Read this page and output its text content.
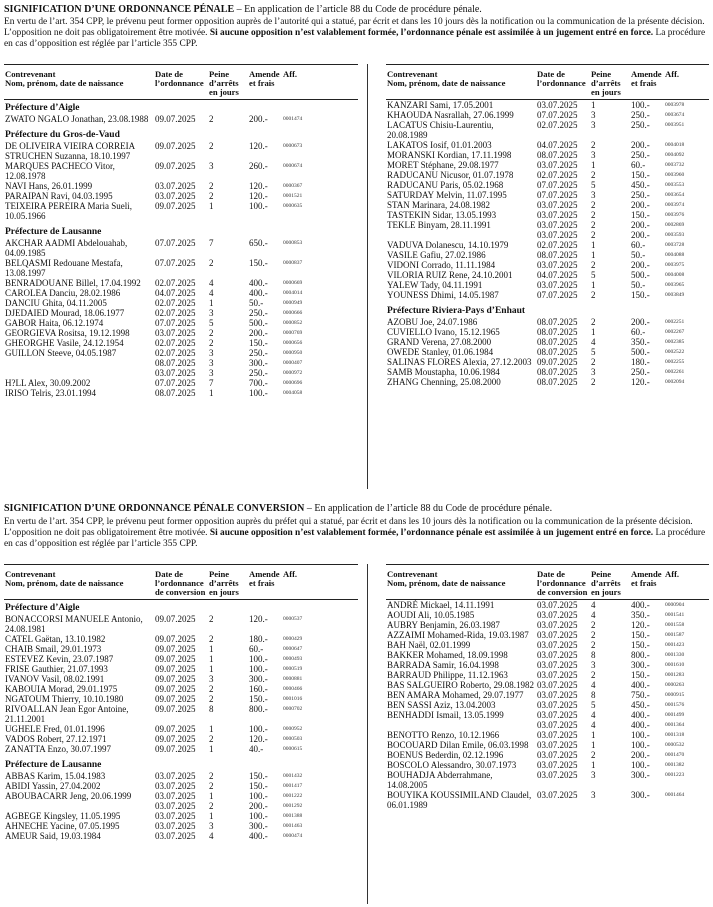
SIGNIFICATION D’UNE ORDONNANCE PÉNALE – En application de l’article 88 du Code de procédure pénale.
En vertu de l’art. 354 CPP, le prévenu peut former opposition auprès de l’autorité qui a statué, par écrit et dans les 10 jours dès la notification ou la communication de la présente décision. L’opposition ne doit pas obligatoirement être motivée. Si aucune opposition n’est valablement formée, l’ordonnance pénale est assimilée à un jugement entré en force. La procédure en cas d’opposition est réglée par l’article 355 CPP.
Contrevenant
Nom, prénom, date de naissance	Date de
l’ordonnance	Peine
d’arrêts
en jours	Amende
et frais	Aff.
Préfecture d’Aigle				
ZWATO NGALO Jonathan, 23.08.1988	09.07.2025	2	200.-	0001474
Préfecture du Gros-de-Vaud				
DE OLIVEIRA VIEIRA CORREIA STRUCHEN Suzanna, 18.10.1997	09.07.2025	2	120.-	0000673
MARQUES PACHECO Vitor, 12.08.1978	09.07.2025	3	260.-	0000674
NAVI Hans, 26.01.1999	03.07.2025	2	120.-	0000367
PARAIPAN Ravi, 04.03.1995	03.07.2025	2	120.-	0001521
TEIXEIRA PEREIRA Maria Sueli, 10.05.1966	09.07.2025	1	100.-	0000635
Préfecture de Lausanne				
AKCHAR AADMI Abdelouahab, 04.09.1985	07.07.2025	7	650.-	0000853
BELQASMI Redouane Mestafa, 13.08.1997	07.07.2025	2	150.-	0000837
BENRADOUANE Billel, 17.04.1992	02.07.2025	4	400.-	0000669
CAROLEA Danciu, 28.02.1986	04.07.2025	4	400.-	0004014
DANCIU Ghita, 04.11.2005	02.07.2025	1	50.-	0000949
DJEDAIED Mourad, 18.06.1977	02.07.2025	3	250.-	0000666
GABOR Haita, 06.12.1974	07.07.2025	5	500.-	0000852
GEORGIEVA Rositsa, 19.12.1998	03.07.2025	2	200.-	0000769
GHEORGHE Vasile, 24.12.1954	02.07.2025	2	150.-	0000656
GUILLON Steeve, 04.05.1987	02.07.2025	3	250.-	0000950
	08.07.2025	3	300.-	0000407
	03.07.2025	3	250.-	0000972
H?LL Alex, 30.09.2002	07.07.2025	7	700.-	0000696
IRISO Telris, 23.01.1994	08.07.2025	1	100.-	0004058
Contrevenant
Nom, prénom, date de naissance	Date de
l’ordonnance	Peine
d’arrêts
en jours	Amende
et frais	Aff.
KANZARI Sami, 17.05.2001	03.07.2025	1	100.-	0003978
KHAOUDA Nasrallah, 27.06.1999	07.07.2025	3	250.-	0003674
LACATUS Chisiu-Laurentiu, 20.08.1989	02.07.2025	3	250.-	0003951
LAKATOS Iosif, 01.01.2003	04.07.2025	2	200.-	0004018
MORANSKI Kordian, 17.11.1998	08.07.2025	3	250.-	0004092
MORET Stéphane, 29.08.1977	03.07.2025	1	60.-	0003732
RADUCANU Nicusor, 01.07.1978	02.07.2025	2	150.-	0003960
RADUCANU Paris, 05.02.1968	07.07.2025	5	450.-	0003553
SATURDAY Melvin, 11.07.1995	07.07.2025	3	250.-	0003654
STAN Marinara, 24.08.1982	03.07.2025	2	200.-	0003974
TASTEKIN Sidar, 13.05.1993	03.07.2025	2	150.-	0003976
TEKLE Binyam, 28.11.1991	03.07.2025	2	200.-	0002869
	03.07.2025	2	200.-	0003593
VADUVA Dolanescu, 14.10.1979	02.07.2025	1	60.-	0003728
VASILE Gafiu, 27.02.1986	08.07.2025	1	50.-	0004088
VIDONI Corrado, 11.11.1984	03.07.2025	2	200.-	0003975
VILORIA RUIZ Rene, 24.10.2001	04.07.2025	5	500.-	0004008
YALEW Tady, 04.11.1991	03.07.2025	1	50.-	0003965
YOUNESS Dhimi, 14.05.1987	07.07.2025	2	150.-	0003849
Préfecture Riviera-Pays d’Enhaut				
AZOBU Joe, 24.07.1986	08.07.2025	2	200.-	0002251
CUVIELLO Ivano, 15.12.1965	08.07.2025	1	60.-	0002267
GRAND Verena, 27.08.2000	08.07.2025	4	350.-	0002385
OWEDE Stanley, 01.06.1984	08.07.2025	5	500.-	0002522
SALINAS FLORES Alexia, 27.12.2003	09.07.2025	2	180.-	0002255
SAMB Moustapha, 10.06.1984	08.07.2025	3	250.-	0002261
ZHANG Chenning, 25.08.2000	08.07.2025	2	120.-	0002094
SIGNIFICATION D’UNE ORDONNANCE PÉNALE CONVERSION – En application de l’article 88 du Code de procédure pénale.
En vertu de l’art. 354 CPP, le prévenu peut former opposition auprès du préfet qui a statué, par écrit et dans les 10 jours dès la notification ou la communication de la présente décision. L’opposition ne doit pas obligatoirement être motivée. Si aucune opposition n’est valablement formée, l’ordonnance pénale est assimilée à un jugement entré en force. La procédure en cas d’opposition est réglée par l’article 355 CPP.
Contrevenant
Nom, prénom, date de naissance	Date de
l’ordonnance
de conversion	Peine
d’arrêts
en jours	Amende
et frais	Aff.
Préfecture d’Aigle				
BONACCORSI MANUELE Antonio, 24.08.1981	09.07.2025	2	120.-	0000537
CATEL Gaëtan, 13.10.1982	09.07.2025	2	180.-	0000429
CHAIB Smail, 29.01.1973	09.07.2025	1	60.-	0000647
ESTEVEZ Kevin, 23.07.1987	09.07.2025	1	100.-	0000493
FRISE Gauthier, 21.07.1993	09.07.2025	1	100.-	0000519
IVANOV Vasil, 08.02.1991	09.07.2025	3	300.-	0000881
KABOUIA Morad, 29.01.1975	09.07.2025	2	160.-	0000466
NGATOUM Thierry, 10.10.1980	09.07.2025	2	150.-	0001016
RIVOALLAN Jean Egor Antoine, 21.11.2001	09.07.2025	8	800.-	0000702
UGHELE Fred, 01.01.1996	09.07.2025	1	100.-	0000952
VADOS Robert, 27.12.1971	09.07.2025	2	120.-	0000503
ZANATTA Enzo, 30.07.1997	09.07.2025	1	40.-	0000615
Préfecture de Lausanne				
ABBAS Karim, 15.04.1983	03.07.2025	2	150.-	0001432
ABIDI Yassin, 27.04.2002	03.07.2025	2	150.-	0001417
ABOUBACARR Jeng, 20.06.1999	03.07.2025	1	100.-	0001222
	03.07.2025	2	200.-	0001292
AGBEGE Kingsley, 11.05.1995	03.07.2025	1	100.-	0001388
AHNECHE Yacine, 07.05.1995	03.07.2025	3	300.-	0001463
AMEUR Said, 19.03.1984	03.07.2025	4	400.-	0000474
Contrevenant
Nom, prénom, date de naissance	Date de
l’ordonnance
de conversion	Peine
d’arrêts
en jours	Amende
et frais	Aff.
ANDRÉ Mickael, 14.11.1991	03.07.2025	4	400.-	0000904
AOUDI Ali, 10.05.1985	03.07.2025	4	350.-	0001541
AUBRY Benjamin, 26.03.1987	03.07.2025	2	120.-	0001558
AZZAIMI Mohamed-Rida, 19.03.1987	03.07.2025	2	150.-	0001587
BAH Naël, 02.01.1999	03.07.2025	2	150.-	0001423
BAKKER Mohamed, 18.09.1998	03.07.2025	8	800.-	0001330
BARRADA Samir, 16.04.1998	03.07.2025	3	300.-	0001610
BARRAUD Philippe, 11.12.1963	03.07.2025	2	150.-	0001283
BAS SALGUEIRO Roberto, 29.08.1982	03.07.2025	4	400.-	0000263
BEN AMARA Mohamed, 29.07.1977	03.07.2025	8	750.-	0000915
BEN SASSI Aziz, 13.04.2003	03.07.2025	5	450.-	0001576
BENHADDI Ismail, 13.05.1999	03.07.2025	4	400.-	0001499
	03.07.2025	4	400.-	0001364
BENOTTO Renzo, 10.12.1966	03.07.2025	1	100.-	0001318
BOCOUARD Dilan Emile, 06.03.1998	03.07.2025	1	100.-	0000532
BOENUS Bederdin, 02.12.1996	03.07.2025	2	200.-	0001470
BOSCOLO Alessandro, 30.07.1973	03.07.2025	1	100.-	0001382
BOUHADJA Abderrahmane, 14.08.2005	03.07.2025	3	300.-	0001223
BOUYIKA KOUSSIMILAND Claudel, 06.01.1989	03.07.2025	3	300.-	0001464
